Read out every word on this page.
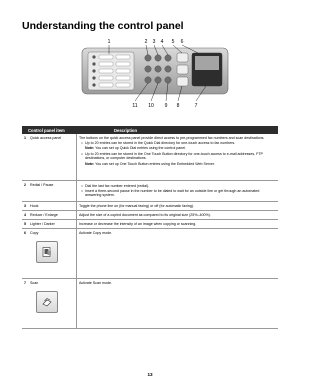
Understanding the control panel
1	2 3 4 5 6
11 10 9 8	7
Control panel item	Description
1	Quick access panel	The buttons on the quick access panel provide direct access to pre-programmed fax numbers and scan destinations.

• Up to 20 entries can be stored in the Quick Dial directory for one-touch access to fax numbers.
Note: You can set up Quick Dial entries using the control panel.
• Up to 20 entries can be stored in the One Touch Button directory for one-touch access to e-mail addresses, FTP destinations, or computer destinations.
Note: You can set up One Touch Button entries using the Embedded Web Server.
2	Redial / Pause	• Dial the last fax number entered (redial).
• Insert a three-second pause in the number to be dialed to wait for an outside line or get through an automated answering system.
3	Hook	Toggle the phone line on (for manual faxing) or off (for automatic faxing).
4	Reduce / Enlarge	Adjust the size of a copied document as compared to its original size (25%–400%).
5	Lighter / Darker	Increase or decrease the intensity of an image when copying or scanning.
6	Copy	Activate Copy mode.
7	Scan	Activate Scan mode.
13
